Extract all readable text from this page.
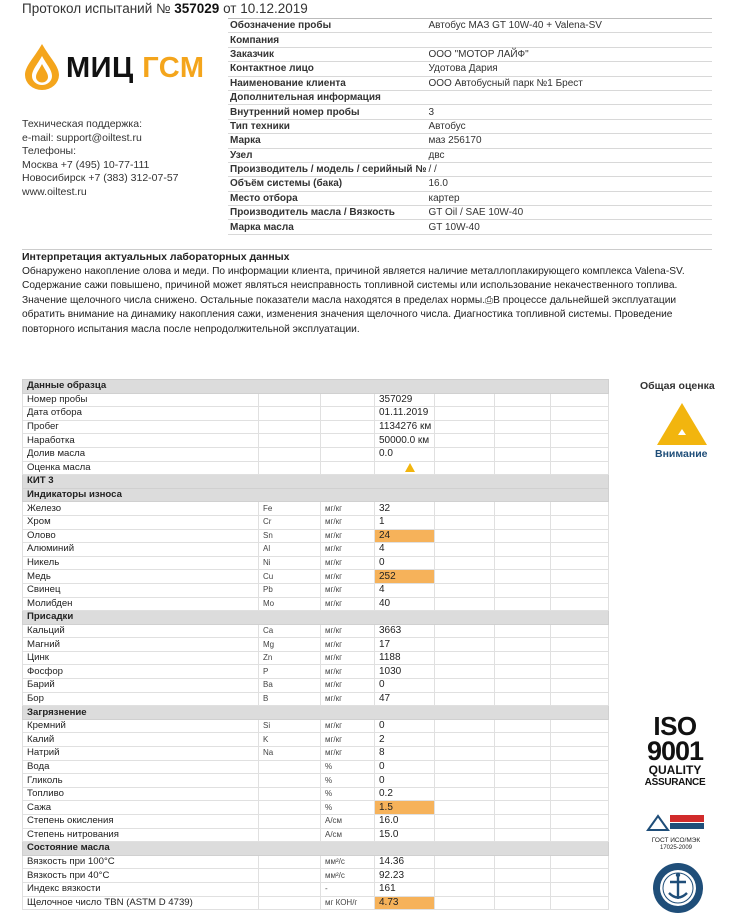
Протокол испытаний № 357029 от 10.12.2019
МИЦ ГСМ
Техническая поддержка:
e-mail: support@oiltest.ru
Телефоны:
Москва +7 (495) 10-77-111
Новосибирск +7 (383) 312-07-57
www.oiltest.ru
Обозначение пробы	Автобус МАЗ GT 10W-40 + Valena-SV
Компания	
Заказчик	ООО "МОТОР ЛАЙФ"
Контактное лицо	Удотова Дария
Наименование клиента	ООО Автобусный парк №1 Брест
Дополнительная информация	
Внутренний номер пробы	3
Тип техники	Автобус
Марка	маз 256170
Узел	двс
Производитель / модель / серийный №	/ /
Объём системы (бака)	16.0
Место отбора	картер
Производитель масла / Вязкость	GT Oil / SAE 10W-40
Марка масла	GT 10W-40
Интерпретация актуальных лабораторных данных
Обнаружено накопление олова и меди. По информации клиента, причиной является наличие металлоплакирующего комплекса Valena-SV. Содержание сажи повышено, причиной может являться неисправность топливной системы или использование некачественного топлива. Значение щелочного числа снижено. Остальные показатели масла находятся в пределах нормы.⎙В процессе дальнейшей эксплуатации обратить внимание на динамику накопления сажи, изменения значения щелочного числа. Диагностика топливной системы. Проведение повторного испытания масла после непродолжительной эксплуатации.
Данные образца						
Номер пробы			357029			
Дата отбора			01.11.2019			
Пробег			1134276 км			
Наработка			50000.0 км			
Долив масла			0.0			
Оценка масла						
КИТ 3						
Индикаторы износа						
Железо	Fe	мг/кг	32			
Хром	Cr	мг/кг	1			
Олово	Sn	мг/кг	24			
Алюминий	Al	мг/кг	4			
Никель	Ni	мг/кг	0			
Медь	Cu	мг/кг	252			
Свинец	Pb	мг/кг	4			
Молибден	Mo	мг/кг	40			
Присадки						
Кальций	Ca	мг/кг	3663			
Магний	Mg	мг/кг	17			
Цинк	Zn	мг/кг	1188			
Фосфор	P	мг/кг	1030			
Барий	Ba	мг/кг	0			
Бор	B	мг/кг	47			
Загрязнение						
Кремний	Si	мг/кг	0			
Калий	K	мг/кг	2			
Натрий	Na	мг/кг	8			
Вода		%	0			
Гликоль		%	0			
Топливо		%	0.2			
Сажа		%	1.5			
Степень окисления		А/см	16.0			
Степень нитрования		А/см	15.0			
Состояние масла						
Вязкость при 100°C		мм²/с	14.36			
Вязкость при 40°C		мм²/с	92.23			
Индекс вязкости		-	161			
Щелочное число TBN (ASTM D 4739)		мг КОН/г	4.73			
Общая оценка
Внимание
ISO
9001
QUALITY
ASSURANCE
ГОСТ ИСО/МЭК
17025-2009
